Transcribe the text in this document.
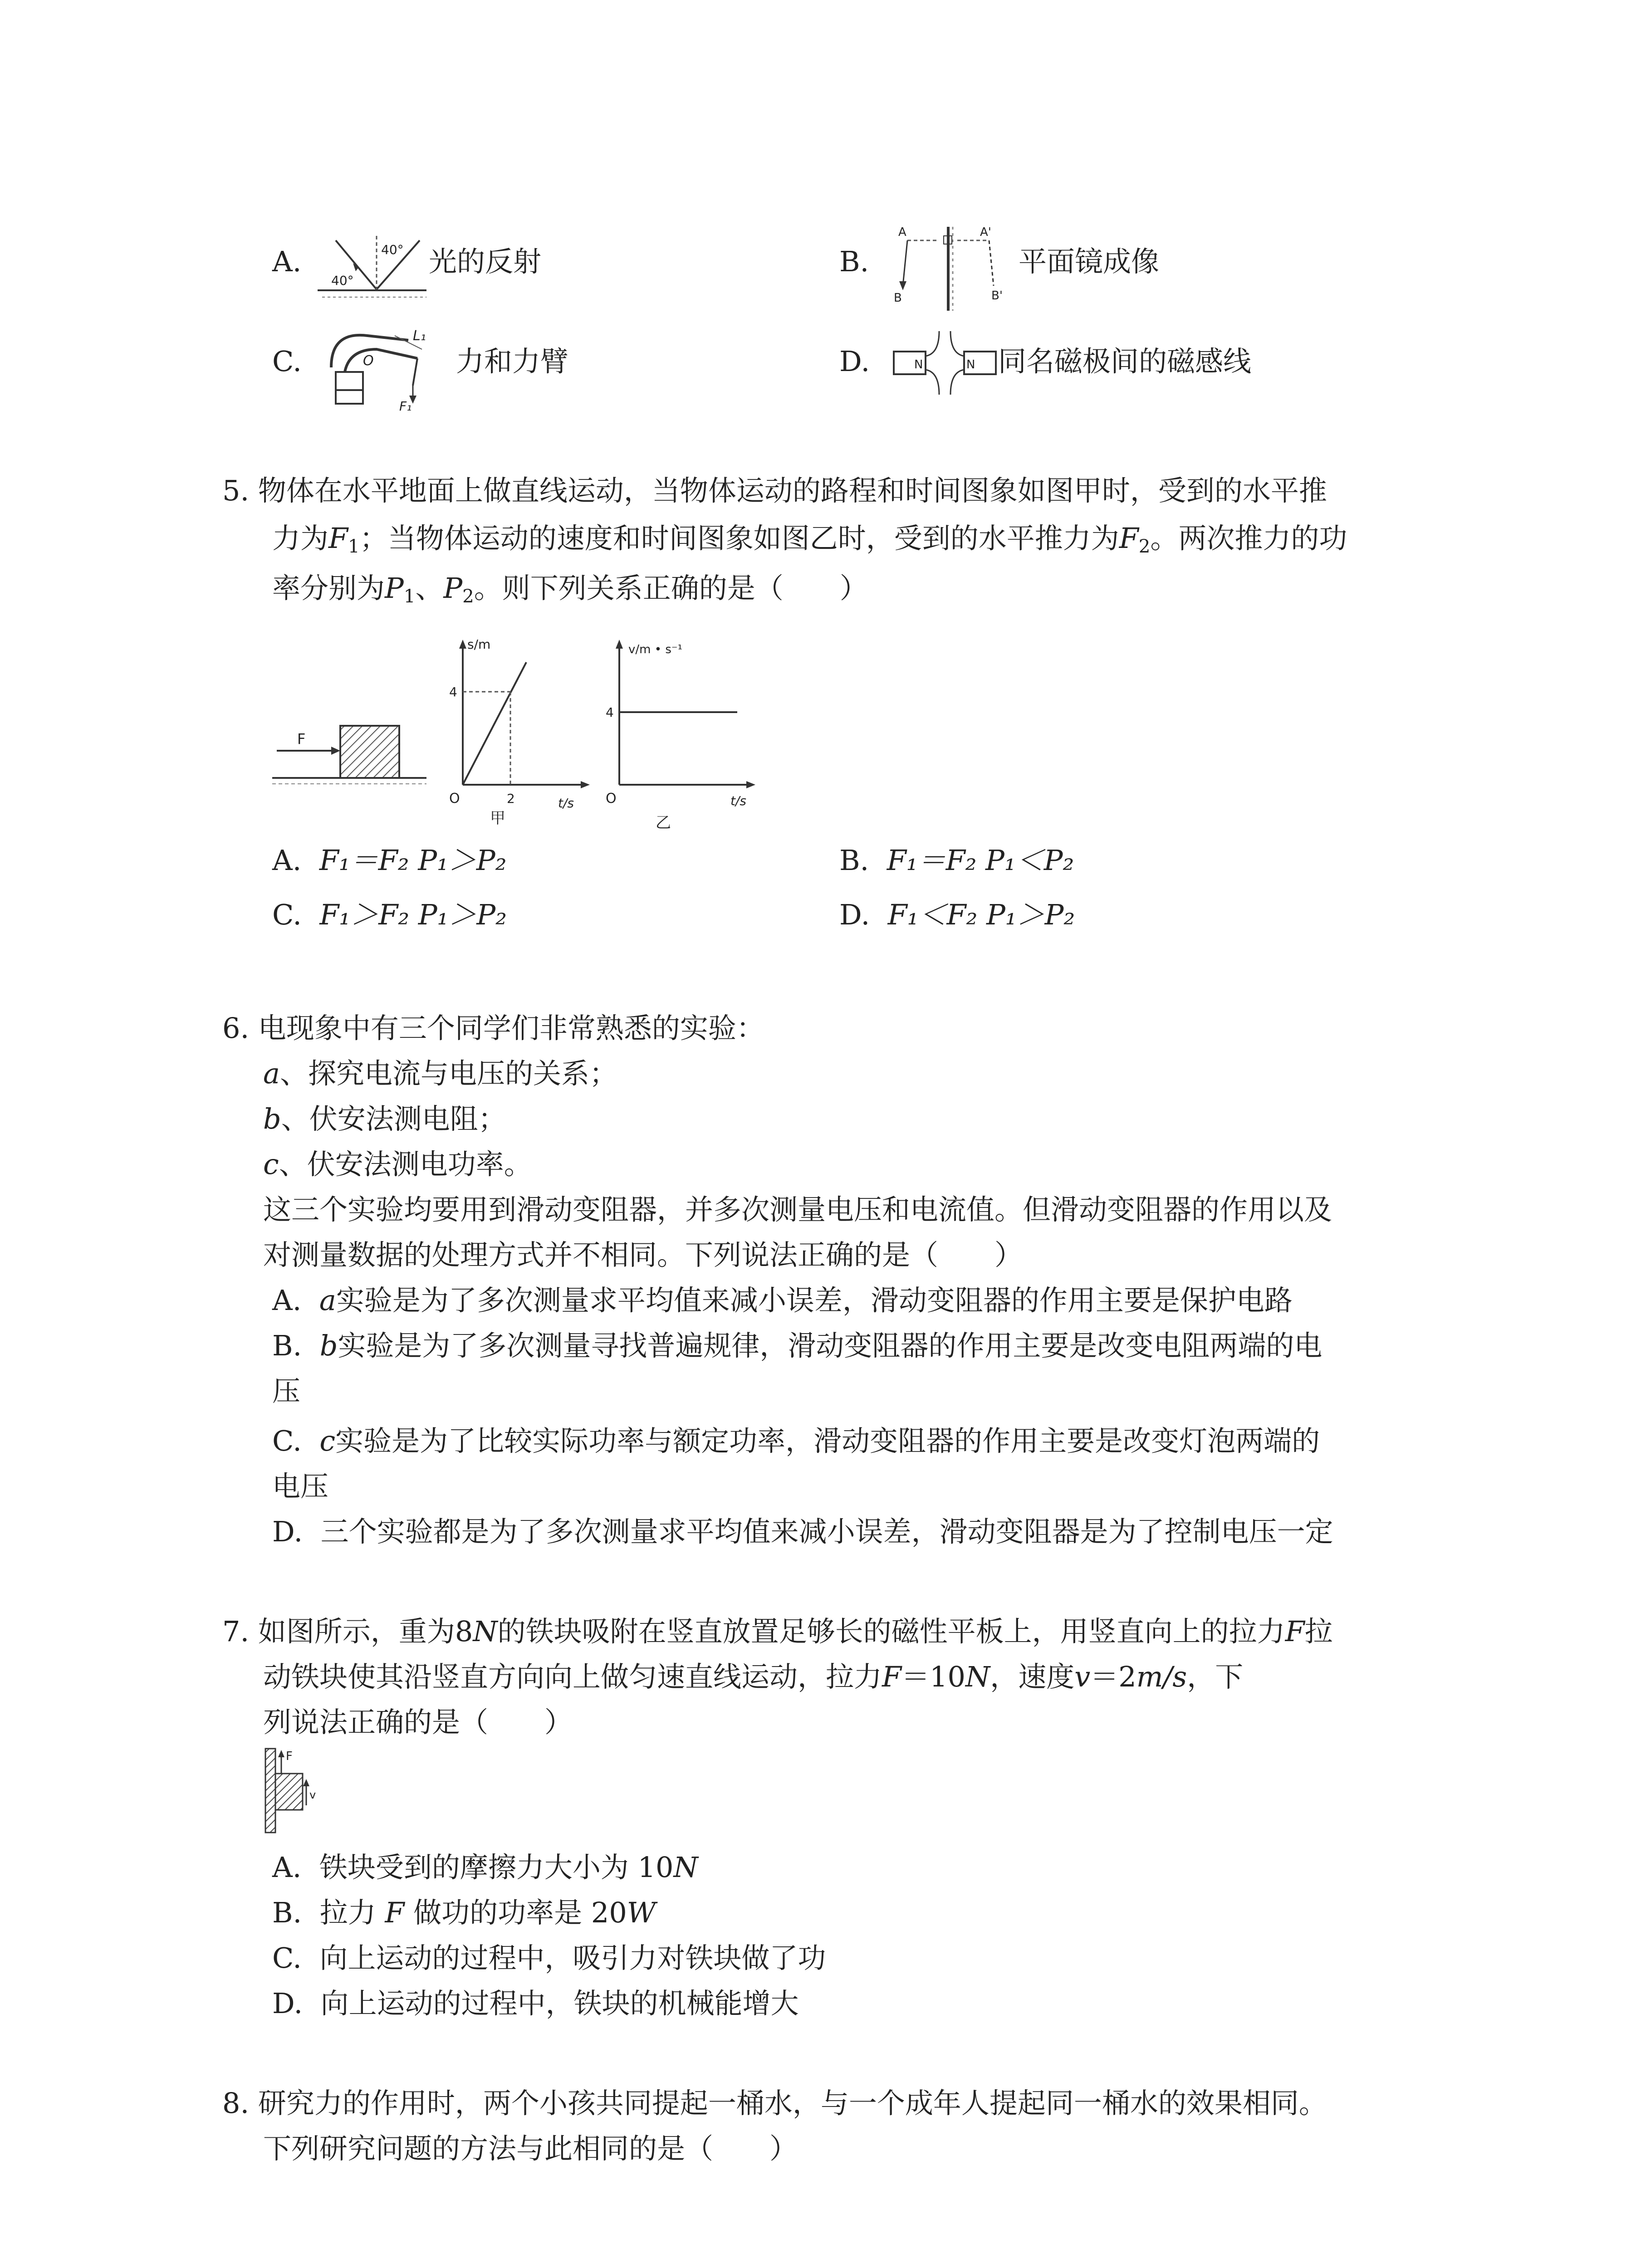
A.	40°
40°
光的反射	B.
A	A'
B	B'
平面镜成像
C.	O
L₁
F₁
力和力臂	D.	N	N 同名磁极间的磁感线
5. 物体在水平地面上做直线运动，当物体运动的路程和时间图象如图甲时，受到的水平推
力为$F_1$；当物体运动的速度和时间图象如图乙时，受到的水平推力为$F_2$。两次推力的功
率分别为$P_1$、$P_2$。则下列关系正确的是（　　）
F
s/m
4
O	2	t/s
甲
v/m • s⁻¹
4
O	t/s
乙
A. F₁＝F₂ P₁＞P₂	B. F₁＝F₂ P₁＜P₂
C. F₁＞F₂ P₁＞P₂	D. F₁＜F₂ P₁＞P₂
6. 电现象中有三个同学们非常熟悉的实验：
a、探究电流与电压的关系；
b、伏安法测电阻；
c、伏安法测电功率。
这三个实验均要用到滑动变阻器，并多次测量电压和电流值。但滑动变阻器的作用以及
对测量数据的处理方式并不相同。下列说法正确的是（　　）
A. a实验是为了多次测量求平均值来减小误差，滑动变阻器的作用主要是保护电路
B. b实验是为了多次测量寻找普遍规律，滑动变阻器的作用主要是改变电阻两端的电
压
C. c实验是为了比较实际功率与额定功率，滑动变阻器的作用主要是改变灯泡两端的
电压
D. 三个实验都是为了多次测量求平均值来减小误差，滑动变阻器是为了控制电压一定
7. 如图所示，重为8N的铁块吸附在竖直放置足够长的磁性平板上，用竖直向上的拉力F拉
动铁块使其沿竖直方向向上做匀速直线运动，拉力F＝10N，速度v＝2m/s，下
列说法正确的是（　　）
F
v
A. 铁块受到的摩擦力大小为 10N
B. 拉力 F 做功的功率是 20W
C. 向上运动的过程中，吸引力对铁块做了功
D. 向上运动的过程中，铁块的机械能增大
8. 研究力的作用时，两个小孩共同提起一桶水，与一个成年人提起同一桶水的效果相同。
下列研究问题的方法与此相同的是（　　）
